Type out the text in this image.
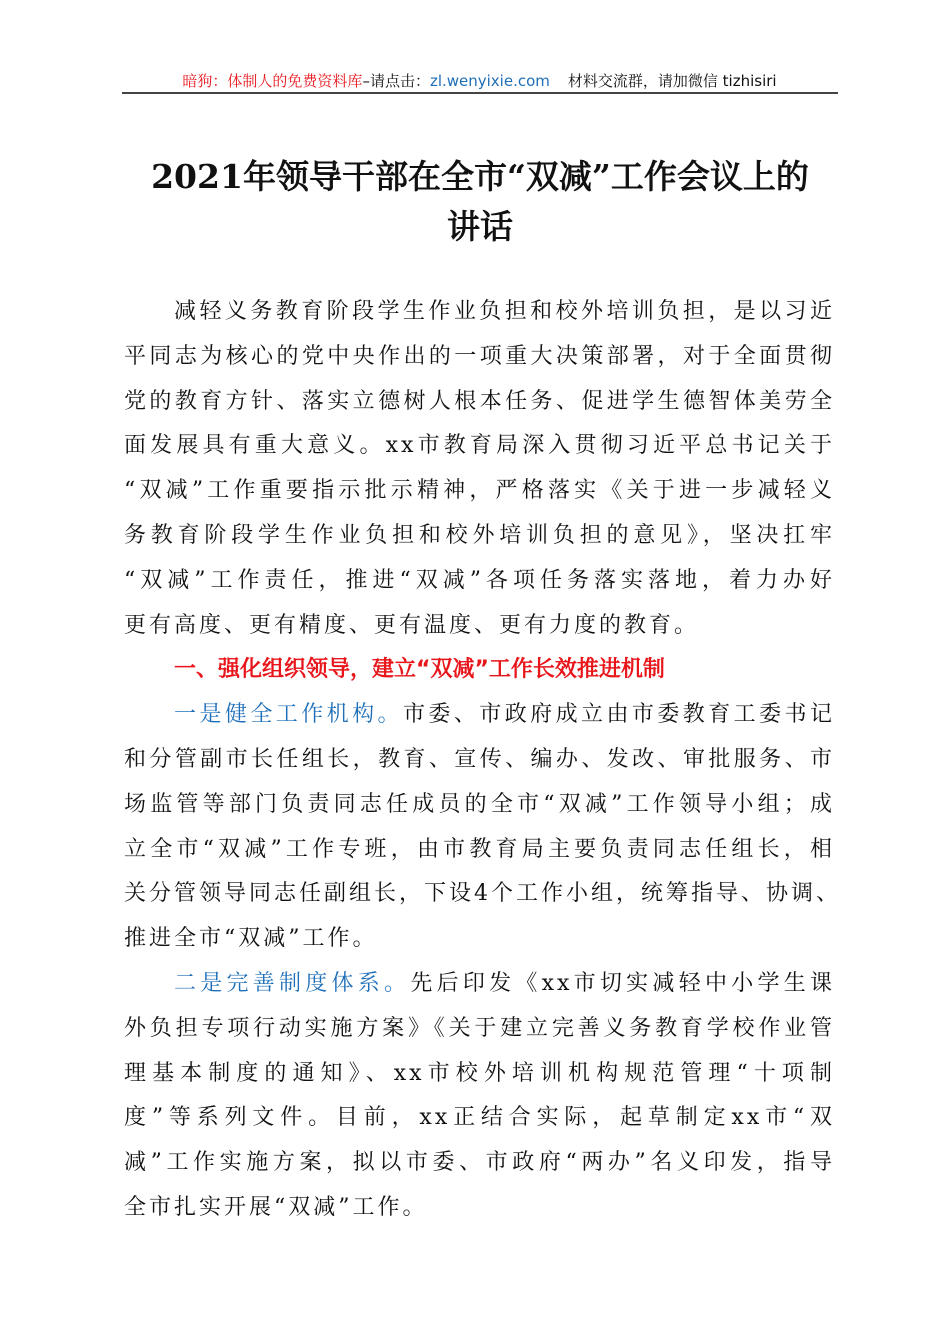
暗狗：体制人的免费资料库–请点击：zl.wenyixie.com 材料交流群，请加微信 tizhisiri
2021年领导干部在全市“双减”工作会议上的
讲话
减轻义务教育阶段学生作业负担和校外培训负担，是以习近
平同志为核心的党中央作出的一项重大决策部署，对于全面贯彻
党的教育方针、落实立德树人根本任务、促进学生德智体美劳全
面发展具有重大意义。xx市教育局深入贯彻习近平总书记关于
“双减”工作重要指示批示精神，严格落实《关于进一步减轻义
务教育阶段学生作业负担和校外培训负担的意见》，坚决扛牢
“双减”工作责任，推进“双减”各项任务落实落地，着力办好
更有高度、更有精度、更有温度、更有力度的教育。
一、强化组织领导，建立“双减”工作长效推进机制
一是健全工作机构。市委、市政府成立由市委教育工委书记
和分管副市长任组长，教育、宣传、编办、发改、审批服务、市
场监管等部门负责同志任成员的全市“双减”工作领导小组；成
立全市“双减”工作专班，由市教育局主要负责同志任组长，相
关分管领导同志任副组长，下设4个工作小组，统筹指导、协调、
推进全市“双减”工作。
二是完善制度体系。先后印发《xx市切实减轻中小学生课
外负担专项行动实施方案》《关于建立完善义务教育学校作业管
理基本制度的通知》、xx市校外培训机构规范管理“十项制
度”等系列文件。目前，xx正结合实际，起草制定xx市“双
减”工作实施方案，拟以市委、市政府“两办”名义印发，指导
全市扎实开展“双减”工作。
